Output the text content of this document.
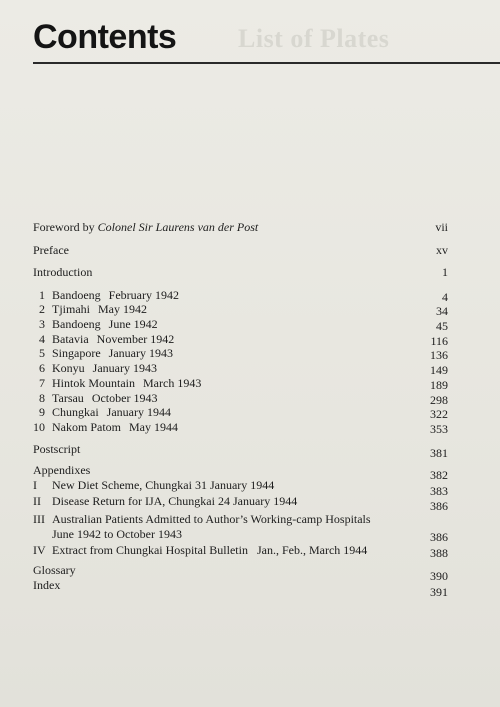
List of Plates
Contents
Foreword by Colonel Sir Laurens van der Post	vii
Preface	xv
Introduction	1
1 Bandoeng February 1942	4
2 Tjimahi May 1942	34
3 Bandoeng June 1942	45
4 Batavia November 1942	116
5 Singapore January 1943	136
6 Konyu January 1943	149
7 Hintok Mountain March 1943	189
8 Tarsau October 1943	298
9 Chungkai January 1944	322
10 Nakom Patom May 1944	353
Postscript	381
Appendixes	382
I New Diet Scheme, Chungkai 31 January 1944	383
II Disease Return for IJA, Chungkai 24 January 1944	386
III Australian Patients Admitted to Author’s Working-camp Hospitals
June 1942 to October 1943	386
IV Extract from Chungkai Hospital Bulletin   Jan., Feb., March 1944	388
Glossary	390
Index	391
